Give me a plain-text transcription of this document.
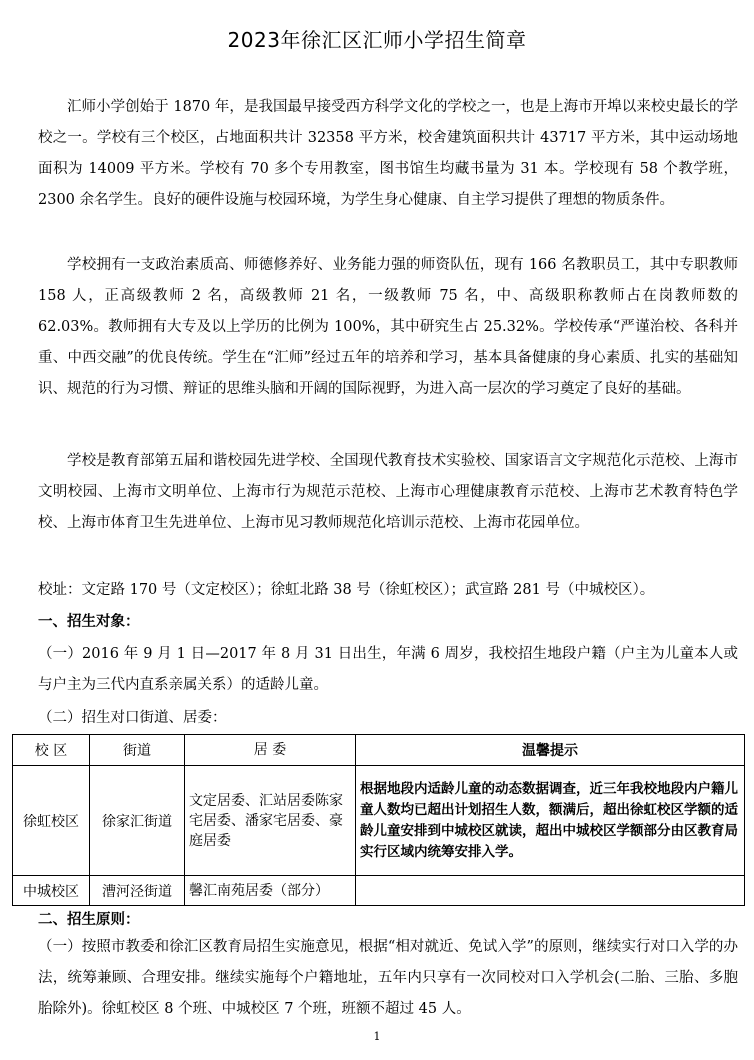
2023年徐汇区汇师小学招生简章

汇师小学创始于 1870 年，是我国最早接受西方科学文化的学校之一，也是上海市开埠以来校史最长的学校之一。学校有三个校区，占地面积共计 32358 平方米，校舍建筑面积共计 43717 平方米，其中运动场地面积为 14009 平方米。学校有 70 多个专用教室，图书馆生均藏书量为 31 本。学校现有 58 个教学班，2300 余名学生。良好的硬件设施与校园环境，为学生身心健康、自主学习提供了理想的物质条件。

学校拥有一支政治素质高、师德修养好、业务能力强的师资队伍，现有 166 名教职员工，其中专职教师 158 人，正高级教师 2 名，高级教师 21 名，一级教师 75 名，中、高级职称教师占在岗教师数的 62.03%。教师拥有大专及以上学历的比例为 100%，其中研究生占 25.32%。学校传承“严谨治校、各科并重、中西交融”的优良传统。学生在“汇师”经过五年的培养和学习，基本具备健康的身心素质、扎实的基础知识、规范的行为习惯、辩证的思维头脑和开阔的国际视野，为进入高一层次的学习奠定了良好的基础。

学校是教育部第五届和谐校园先进学校、全国现代教育技术实验校、国家语言文字规范化示范校、上海市文明校园、上海市文明单位、上海市行为规范示范校、上海市心理健康教育示范校、上海市艺术教育特色学校、上海市体育卫生先进单位、上海市见习教师规范化培训示范校、上海市花园单位。

校址：文定路 170 号（文定校区）；徐虹北路 38 号（徐虹校区）；武宣路 281 号（中城校区）。

一、招生对象：

（一）2016 年 9 月 1 日—2017 年 8 月 31 日出生，年满 6 周岁，我校招生地段户籍（户主为儿童本人或与户主为三代内直系亲属关系）的适龄儿童。

（二）招生对口街道、居委：

校 区	街道	居 委	温馨提示
徐虹校区	徐家汇街道	文定居委、汇站居委陈家宅居委、潘家宅居委、豪庭居委	根据地段内适龄儿童的动态数据调查，近三年我校地段内户籍儿童人数均已超出计划招生人数，额满后，超出徐虹校区学额的适龄儿童安排到中城校区就读，超出中城校区学额部分由区教育局实行区域内统筹安排入学。
中城校区	漕河泾街道	馨汇南苑居委（部分）	
二、招生原则：

（一）按照市教委和徐汇区教育局招生实施意见，根据“相对就近、免试入学”的原则，继续实行对口入学的办法，统筹兼顾、合理安排。继续实施每个户籍地址，五年内只享有一次同校对口入学机会(二胎、三胎、多胞胎除外)。徐虹校区 8 个班、中城校区 7 个班，班额不超过 45 人。

1
